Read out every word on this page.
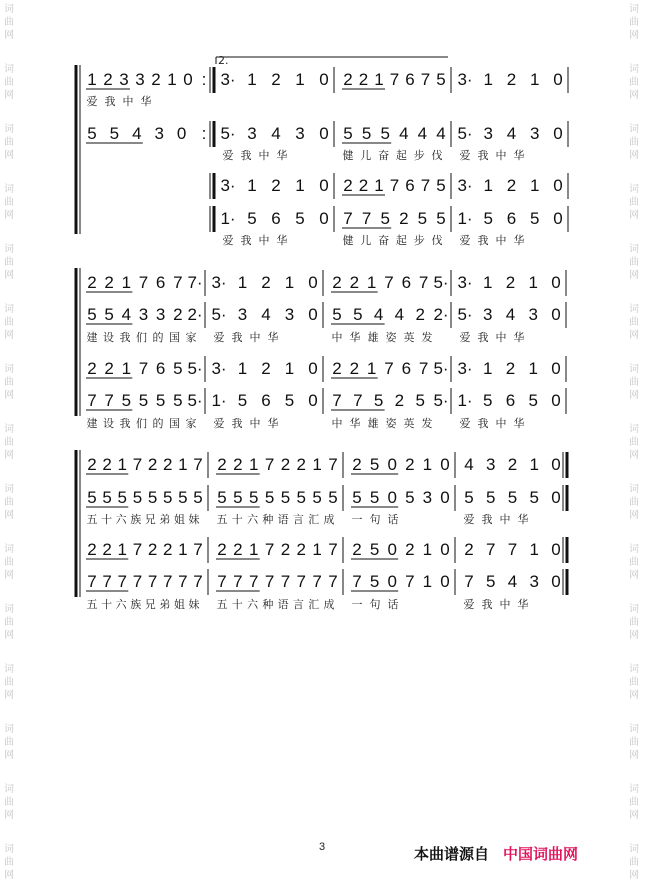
词
曲
网
词
曲
网
词
曲
网
词
曲
网
词
曲
网
词
曲
网
词
曲
网
词
曲
网
词
曲
网
词
曲
网
词
曲
网
词
曲
网
词
曲
网
词
曲
网
词
曲
网
词
曲
网
词
曲
网
词
曲
网
词
曲
网
词
曲
网
词
曲
网
词
曲
网
词
曲
网
词
曲
网
词
曲
网
词
曲
网
词
曲
网
词
曲
网
词
曲
网
词
曲
网
2.
1 2 3 3 2 1 0 : 3· 1 2 1 0 2 2 1 7 6 7 5 3· 1 2 1 0
爱 我 中 华
5 5 4 3 0 : 5· 3 4 3 0 5 5 5 4 4 4 5· 3 4 3 0
爱 我 中 华	健 儿 奋 起 步 伐 爱 我 中 华
3· 1 2 1 0 2 2 1 7 6 7 5 3· 1 2 1 0
1· 5 6 5 0 7 7 5 2 5 5 1· 5 6 5 0
爱 我 中 华	健 儿 奋 起 步 伐 爱 我 中 华
2 2 1 7 6 7 7· 3· 1 2 1 0 2 2 1 7 6 7 5· 3· 1 2 1 0
5 5 4 3 3 2 2· 5· 3 4 3 0 5 5 4 4 2 2· 5· 3 4 3 0
建 设 我 们 的 国 家 爱 我 中 华	中 华 雄 姿 英 发 爱 我 中 华
2 2 1 7 6 5 5· 3· 1 2 1 0 2 2 1 7 6 7 5· 3· 1 2 1 0
7 7 5 5 5 5 5· 1· 5 6 5 0 7 7 5 2 5 5· 1· 5 6 5 0
建 设 我 们 的 国 家 爱 我 中 华	中 华 雄 姿 英 发 爱 我 中 华
2 2 1 7 2 2 1 7 2 2 1 7 2 2 1 7 2 5 0 2 1 0 4 3 2 1 0
5 5 5 5 5 5 5 5 5 5 5 5 5 5 5 5 5 5 0 5 3 0 5 5 5 5 0
五 十 六 族 兄 弟 姐 妹 五 十 六 种 语 言 汇 成 一 句 话	爱 我 中 华
2 2 1 7 2 2 1 7 2 2 1 7 2 2 1 7 2 5 0 2 1 0 2 7 7 1 0
7 7 7 7 7 7 7 7 7 7 7 7 7 7 7 7 7 5 0 7 1 0 7 5 4 3 0
五 十 六 族 兄 弟 姐 妹 五 十 六 种 语 言 汇 成 一 句 话	爱 我 中 华
3	本曲谱源自 中国词曲网
